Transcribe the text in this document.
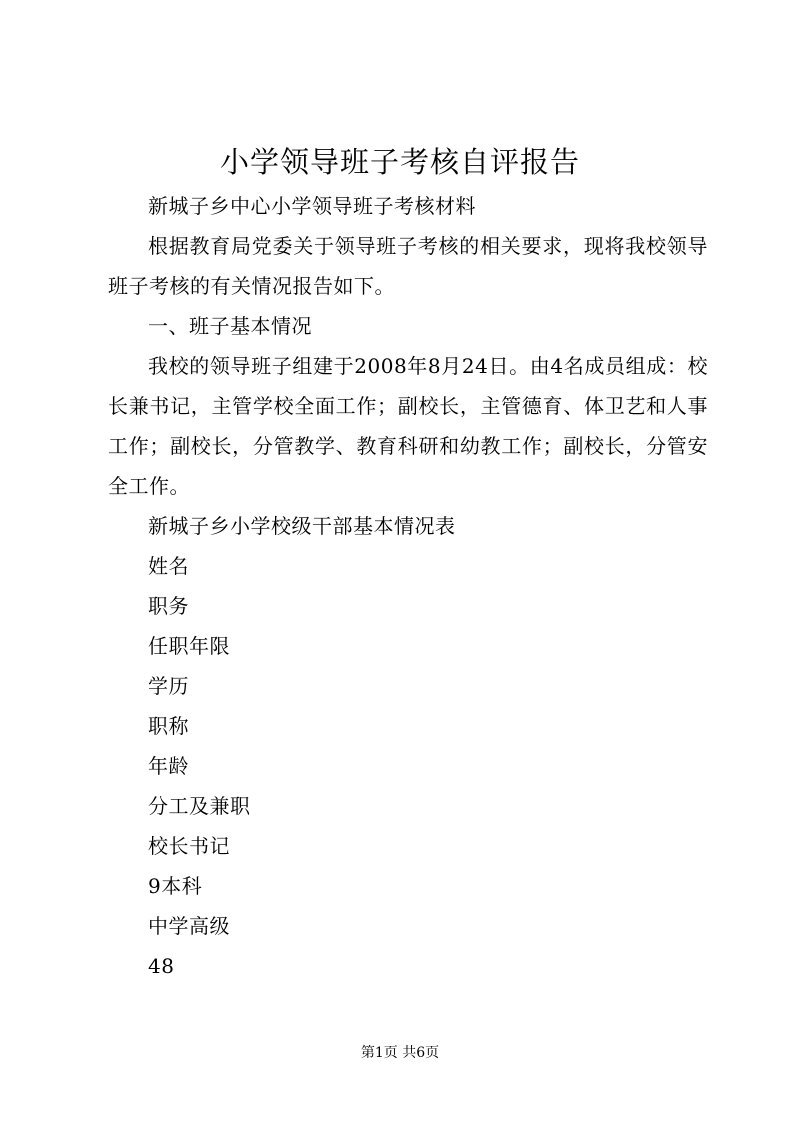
小学领导班子考核自评报告

新城子乡中心小学领导班子考核材料

根据教育局党委关于领导班子考核的相关要求，现将我校领导班子考核的有关情况报告如下。

一、班子基本情况

我校的领导班子组建于2008年8月24日。由4名成员组成：校长兼书记，主管学校全面工作；副校长，主管德育、体卫艺和人事工作；副校长，分管教学、教育科研和幼教工作；副校长，分管安全工作。

新城子乡小学校级干部基本情况表

姓名

职务

任职年限

学历

职称

年龄

分工及兼职

校长书记

9本科

中学高级

48

第1页 共6页
